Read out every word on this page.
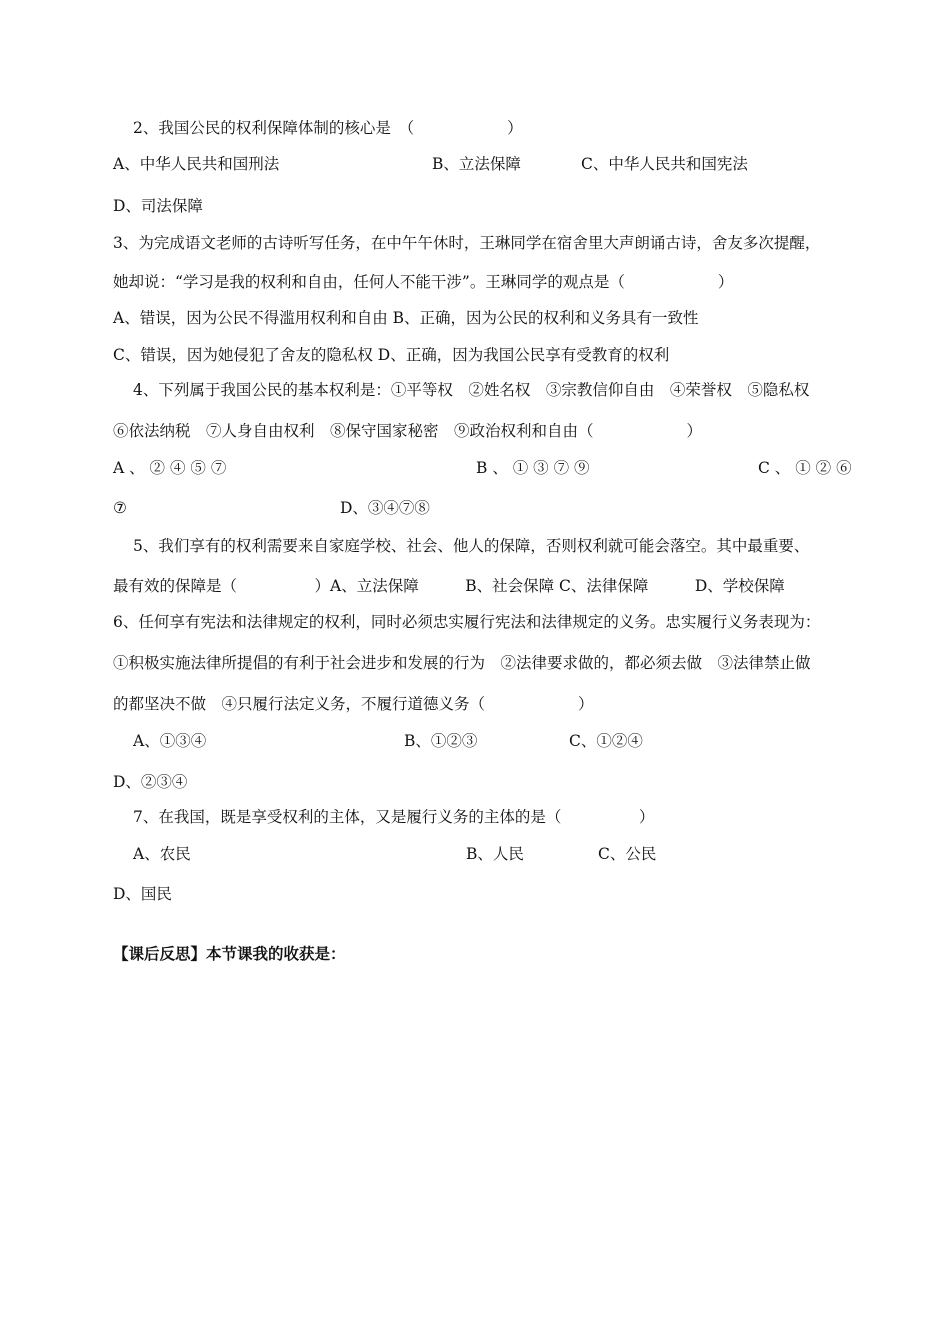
2、我国公民的权利保障体制的核心是　（　　　　　　）
A、中华人民共和国刑法	B、立法保障	C、中华人民共和国宪法
D、司法保障
3、为完成语文老师的古诗听写任务，在中午午休时，王琳同学在宿舍里大声朗诵古诗，舍友多次提醒，
她却说：“学习是我的权利和自由，任何人不能干涉”。王琳同学的观点是（　　　　　　）
A、错误，因为公民不得滥用权利和自由 B、正确，因为公民的权利和义务具有一致性
C、错误，因为她侵犯了舍友的隐私权 D、正确，因为我国公民享有受教育的权利
4、下列属于我国公民的基本权利是：①平等权　②姓名权　③宗教信仰自由　④荣誉权　⑤隐私权
⑥依法纳税　⑦人身自由权利　⑧保守国家秘密　⑨政治权利和自由（　　　　　　）
A 、 ② ④ ⑤ ⑦	B 、 ① ③ ⑦ ⑨	C 、 ① ② ⑥
⑦	D、③④⑦⑧
5、我们享有的权利需要来自家庭学校、社会、他人的保障，否则权利就可能会落空。其中最重要、
最有效的保障是（　　　　　）A、立法保障　　　B、社会保障 C、法律保障　　　D、学校保障
6、任何享有宪法和法律规定的权利，同时必须忠实履行宪法和法律规定的义务。忠实履行义务表现为：
①积极实施法律所提倡的有利于社会进步和发展的行为　②法律要求做的，都必须去做　③法律禁止做
的都坚决不做　④只履行法定义务，不履行道德义务（　　　　　　）
A、①③④	B、①②③	C、①②④
D、②③④
7、在我国，既是享受权利的主体，又是履行义务的主体的是（　　　　　）
A、农民	B、人民	C、公民
D、国民
【课后反思】本节课我的收获是：
